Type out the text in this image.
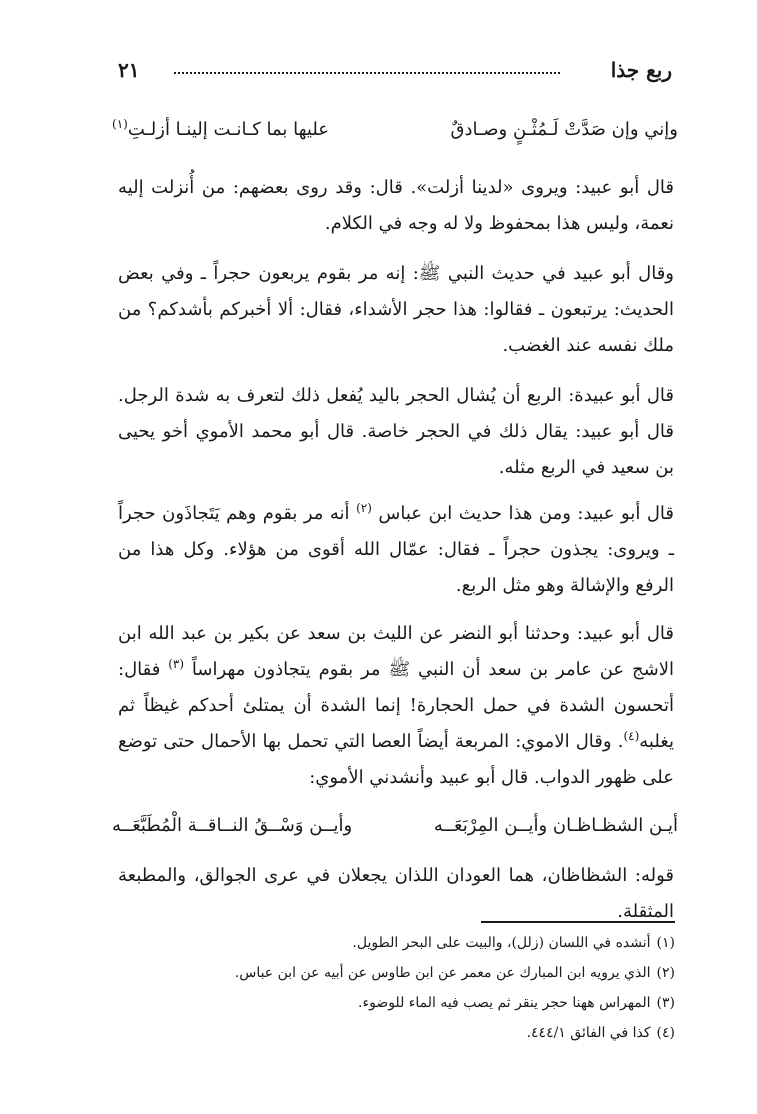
ربع جذا
٢١
وإني وإن صَدَّتْ لَـمُثْـنٍ وصـادقٌ
عليها بما كـانـت إلينـا أزلـتِ$^{(١)}$
قال أبو عبيد: ويروى «لدينا أزلت». قال: وقد روى بعضهم: من أُنزلت إليه نعمة، وليس هذا بمحفوظ ولا له وجه في الكلام.
وقال أبو عبيد في حديث النبي ﷺ: إنه مر بقوم يربعون حجراً ـ وفي بعض الحديث: يرتبعون ـ فقالوا: هذا حجر الأشداء، فقال: ألا أخبركم بأشدكم؟ من ملك نفسه عند الغضب.
قال أبو عبيدة: الربع أن يُشال الحجر باليد يُفعل ذلك لتعرف به شدة الرجل. قال أبو عبيد: يقال ذلك في الحجر خاصة. قال أبو محمد الأموي أخو يحيى بن سعيد في الربع مثله.
قال أبو عبيد: ومن هذا حديث ابن عباس $^{(٢)}$ أنه مر بقوم وهم يَتَجاذَون حجراً ـ ويروى: يجذون حجراً ـ فقال: عمّال الله أقوى من هؤلاء. وكل هذا من الرفع والإشالة وهو مثل الربع.
قال أبو عبيد: وحدثنا أبو النضر عن الليث بن سعد عن بكير بن عبد الله ابن الاشج عن عامر بن سعد أن النبي ﷺ مر بقوم يتجاذون مهراساً $^{(٣)}$ فقال: أتحسون الشدة في حمل الحجارة! إنما الشدة أن يمتلئ أحدكم غيظاً ثم يغلبه$^{(٤)}$. وقال الاموي: المربعة أيضاً العصا التي تحمل بها الأحمال حتى توضع على ظهور الدواب. قال أبو عبيد وأنشدني الأموي:
أيـن الشظـاظـان وأيــن المِرْبَعَــه
وأيــن وَسْــقُ النــاقــة الْمُطَبَّعَــه
قوله: الشظاظان، هما العودان اللذان يجعلان في عرى الجوالق، والمطبعة المثقلة.
(١)أنشده في اللسان (زلل)، والبيت على البحر الطويل.
(٢)الذي يرويه ابن المبارك عن معمر عن ابن طاوس عن أبيه عن ابن عباس.
(٣)المهراس ههنا حجر ينقر ثم يصب فيه الماء للوضوء.
(٤)كذا في الفائق ٤٤٤/١.
